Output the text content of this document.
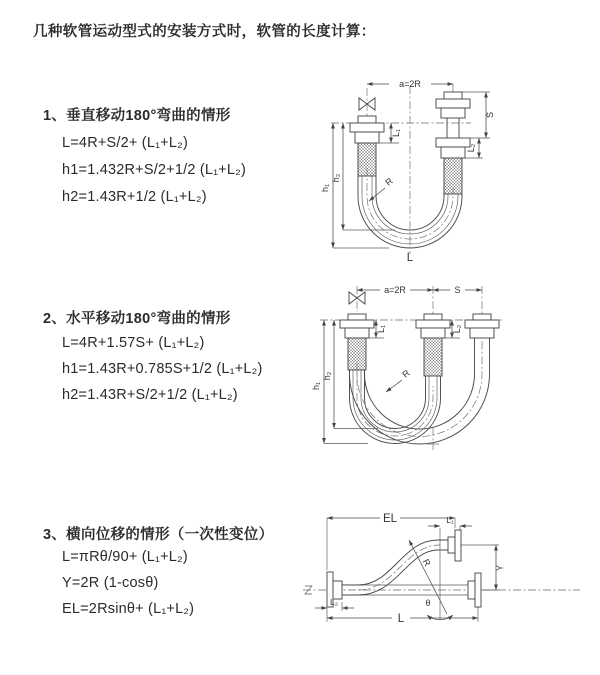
几种软管运动型式的安装方式时，软管的长度计算：
1、垂直移动180°弯曲的情形
L=4R+S/2+ (L₁+L₂)
h1=1.432R+S/2+1/2 (L₁+L₂)
h2=1.43R+1/2 (L₁+L₂)
2、水平移动180°弯曲的情形
L=4R+1.57S+ (L₁+L₂)
h1=1.43R+0.785S+1/2 (L₁+L₂)
h2=1.43R+S/2+1/2 (L₁+L₂)
3、横向位移的情形（一次性变位）
L=πRθ/90+ (L₁+L₂)
Y=2R (1-cosθ)
EL=2Rsinθ+ (L₁+L₂)
a=2R
h₁
h₂
L₁
S
L₂
R
L
a=2R	S
h₁
h₂
L₁	L₂
R
R
θ
EL	L₁
Y
L
L₂
